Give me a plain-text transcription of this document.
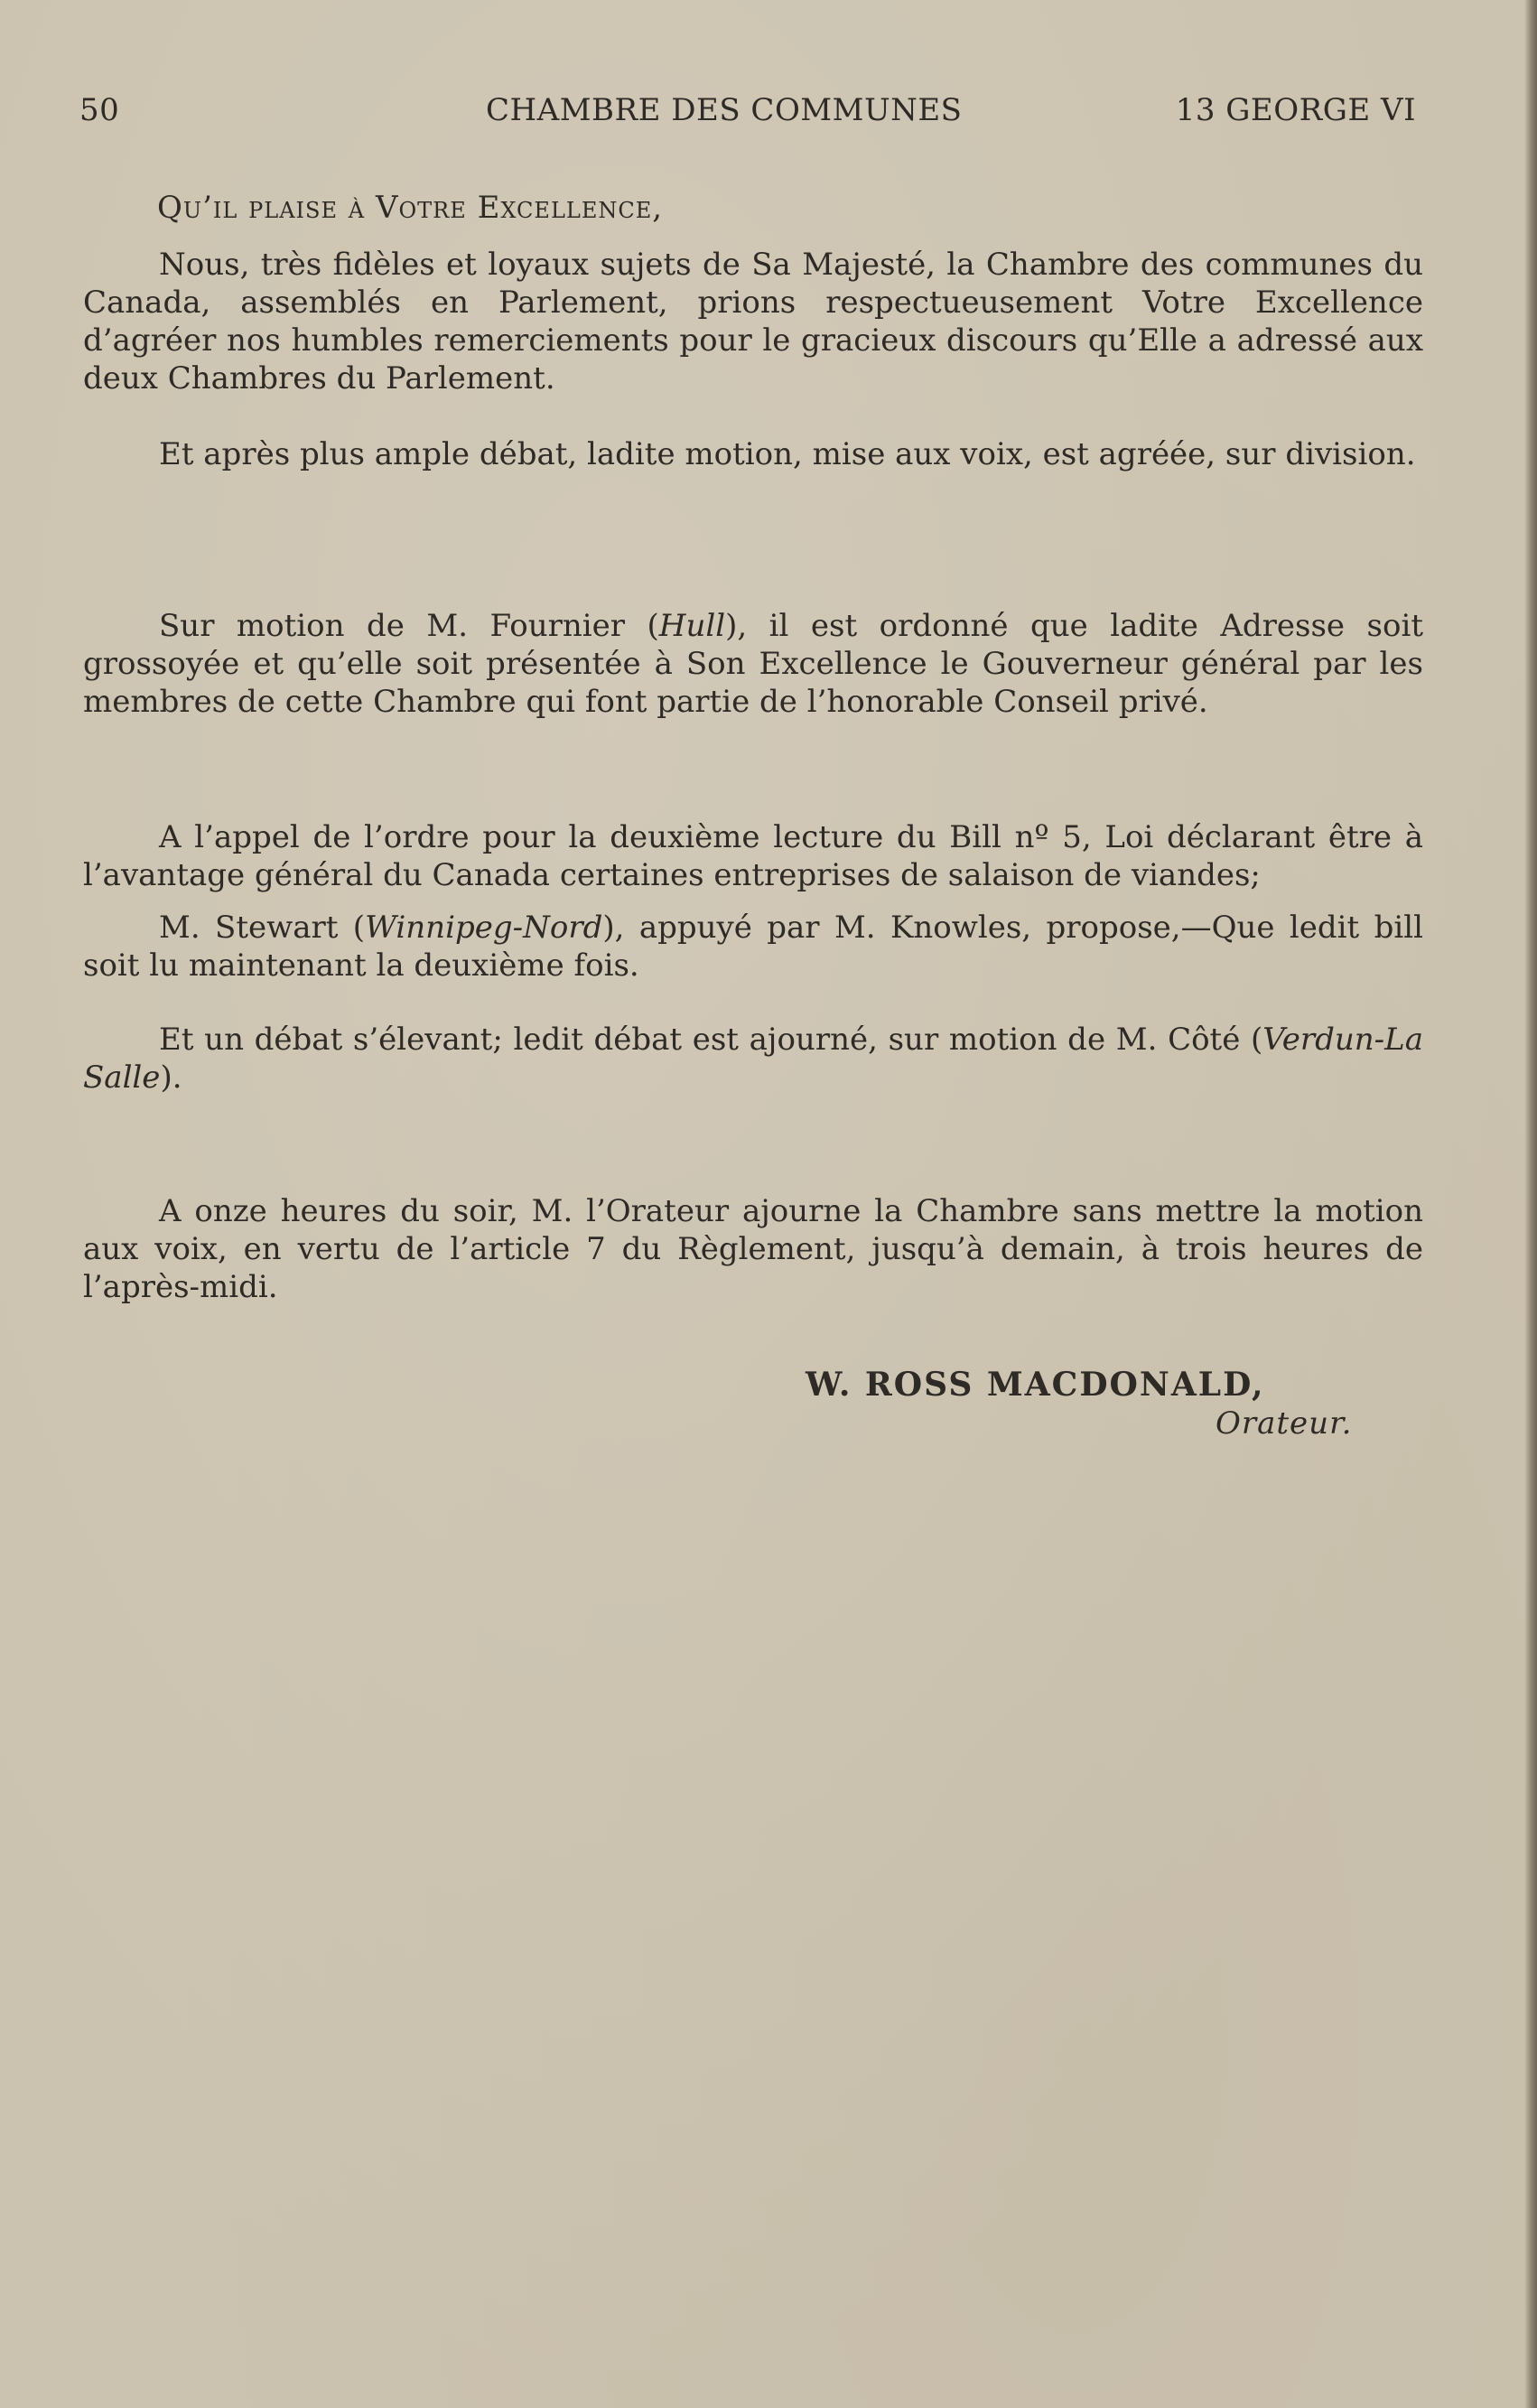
50	CHAMBRE DES COMMUNES	13 GEORGE VI
Qu’il plaise à Votre Excellence,

Nous, très fidèles et loyaux sujets de Sa Majesté, la Chambre des communes du Canada, assemblés en Parlement, prions respectueusement Votre Excellence d’agréer nos humbles remerciements pour le gracieux discours qu’Elle a adressé aux deux Chambres du Parlement.

Et après plus ample débat, ladite motion, mise aux voix, est agréée, sur division.

Sur motion de M. Fournier (Hull), il est ordonné que ladite Adresse soit grossoyée et qu’elle soit présentée à Son Excellence le Gouverneur général par les membres de cette Chambre qui font partie de l’honorable Conseil privé.

A l’appel de l’ordre pour la deuxième lecture du Bill nº 5, Loi déclarant être à l’avantage général du Canada certaines entreprises de salaison de viandes;

M. Stewart (Winnipeg-Nord), appuyé par M. Knowles, propose,—Que ledit bill soit lu maintenant la deuxième fois.

Et un débat s’élevant; ledit débat est ajourné, sur motion de M. Côté (Verdun-La Salle).

A onze heures du soir, M. l’Orateur ajourne la Chambre sans mettre la motion aux voix, en vertu de l’article 7 du Règlement, jusqu’à demain, à trois heures de l’après-midi.

W. ROSS MACDONALD,
Orateur.
